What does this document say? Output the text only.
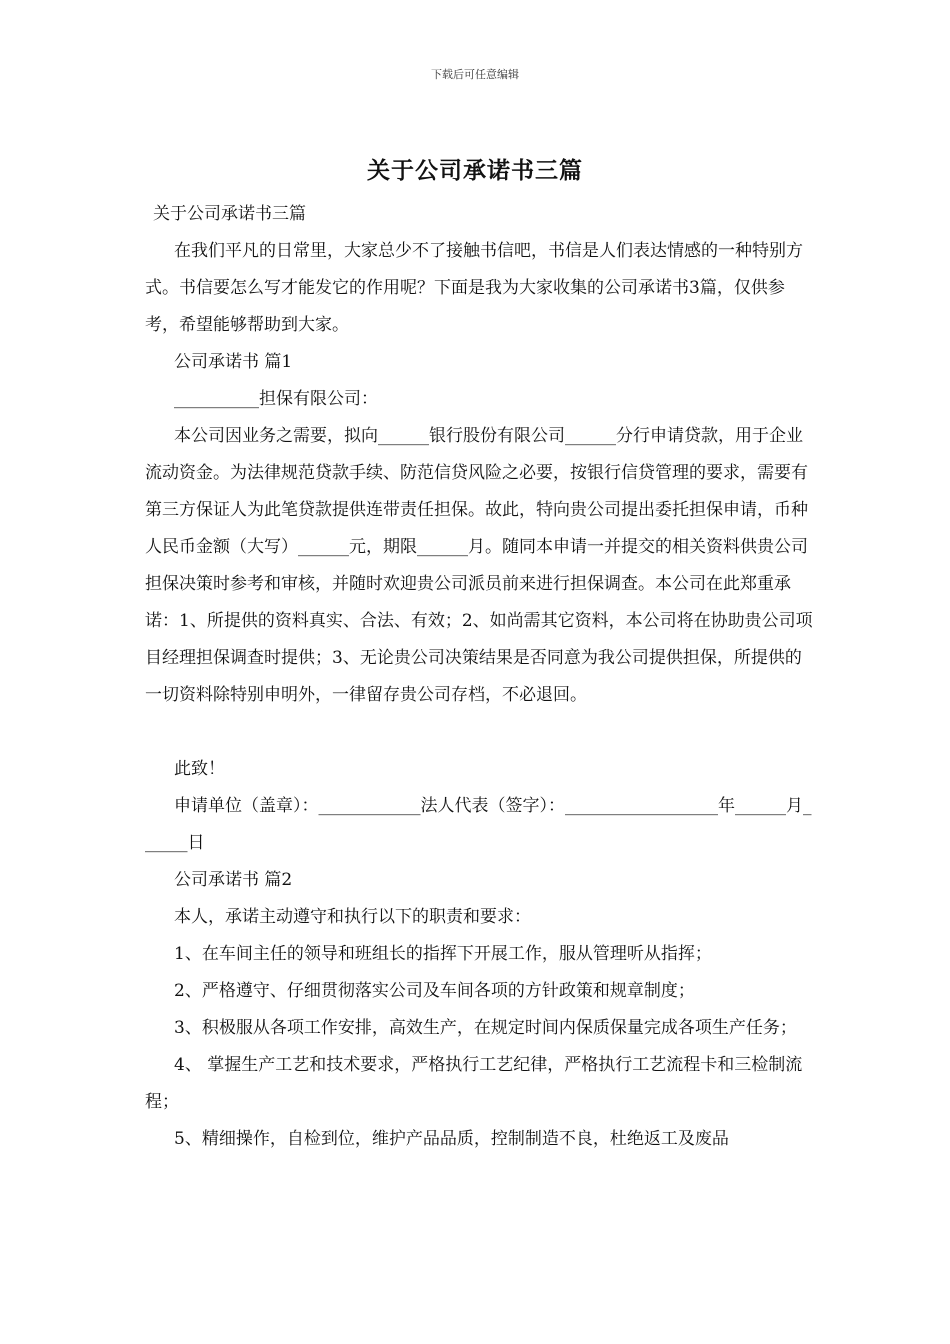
下载后可任意编辑
关于公司承诺书三篇

关于公司承诺书三篇

在我们平凡的日常里，大家总少不了接触书信吧，书信是人们表达情感的一种特别方式。书信要怎么写才能发它的作用呢？下面是我为大家收集的公司承诺书3篇，仅供参考，希望能够帮助到大家。

公司承诺书 篇1

__________担保有限公司：

本公司因业务之需要，拟向______银行股份有限公司______分行申请贷款，用于企业流动资金。为法律规范贷款手续、防范信贷风险之必要，按银行信贷管理的要求，需要有第三方保证人为此笔贷款提供连带责任担保。故此，特向贵公司提出委托担保申请，币种人民币金额（大写）______元，期限______月。随同本申请一并提交的相关资料供贵公司担保决策时参考和审核，并随时欢迎贵公司派员前来进行担保调查。本公司在此郑重承诺：1、所提供的资料真实、合法、有效；2、如尚需其它资料，本公司将在协助贵公司项目经理担保调查时提供；3、无论贵公司决策结果是否同意为我公司提供担保，所提供的一切资料除特别申明外，一律留存贵公司存档，不必退回。

此致！

申请单位（盖章）：____________法人代表（签字）：__________________年______月______日

公司承诺书 篇2

本人，承诺主动遵守和执行以下的职责和要求：

1、在车间主任的领导和班组长的指挥下开展工作，服从管理听从指挥；

2、严格遵守、仔细贯彻落实公司及车间各项的方针政策和规章制度；

3、积极服从各项工作安排，高效生产，在规定时间内保质保量完成各项生产任务；

4、 掌握生产工艺和技术要求，严格执行工艺纪律，严格执行工艺流程卡和三检制流程；

5、精细操作，自检到位，维护产品品质，控制制造不良，杜绝返工及废品
